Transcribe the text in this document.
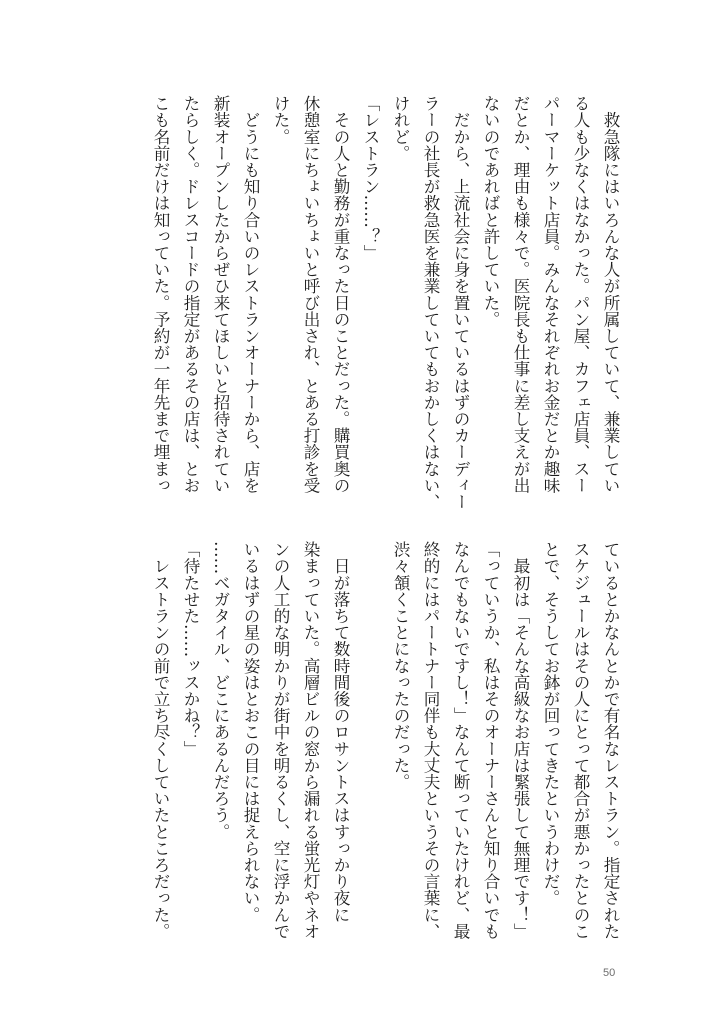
　救急隊にはいろんな人が所属していて、兼業してい
る人も少なくはなかった。パン屋、カフェ店員、スー
パーマーケット店員。みんなそれぞれお金だとか趣味
だとか、理由も様々で。医院長も仕事に差し支えが出
ないのであればと許していた。
　だから、上流社会に身を置いているはずのカーディー
ラーの社長が救急医を兼業していてもおかしくはない、
けれど。
「レストラン……？」
　その人と勤務が重なった日のことだった。購買奥の
休憩室にちょいちょいと呼び出され、とある打診を受
けた。
　どうにも知り合いのレストランオーナーから、店を
新装オープンしたからぜひ来てほしいと招待されてい
たらしく。ドレスコードの指定があるその店は、とお
こも名前だけは知っていた。予約が一年先まで埋まっ
ているとかなんとかで有名なレストラン。指定された
スケジュールはその人にとって都合が悪かったとのこ
とで、そうしてお鉢が回ってきたというわけだ。
　最初は「そんな高級なお店は緊張して無理です！」
「っていうか、私はそのオーナーさんと知り合いでも
なんでもないですし！」なんて断っていたけれど、最
終的にはパートナー同伴も大丈夫というその言葉に、
渋々頷くことになったのだった。
　日が落ちて数時間後のロサントスはすっかり夜に
染まっていた。高層ビルの窓から漏れる蛍光灯やネオ
ンの人工的な明かりが街中を明るくし、空に浮かんで
いるはずの星の姿はとおこの目には捉えられない。
……ベガタイル、どこにあるんだろう。
「待たせた……ッスかね？」
　レストランの前で立ち尽くしていたところだった。
50
